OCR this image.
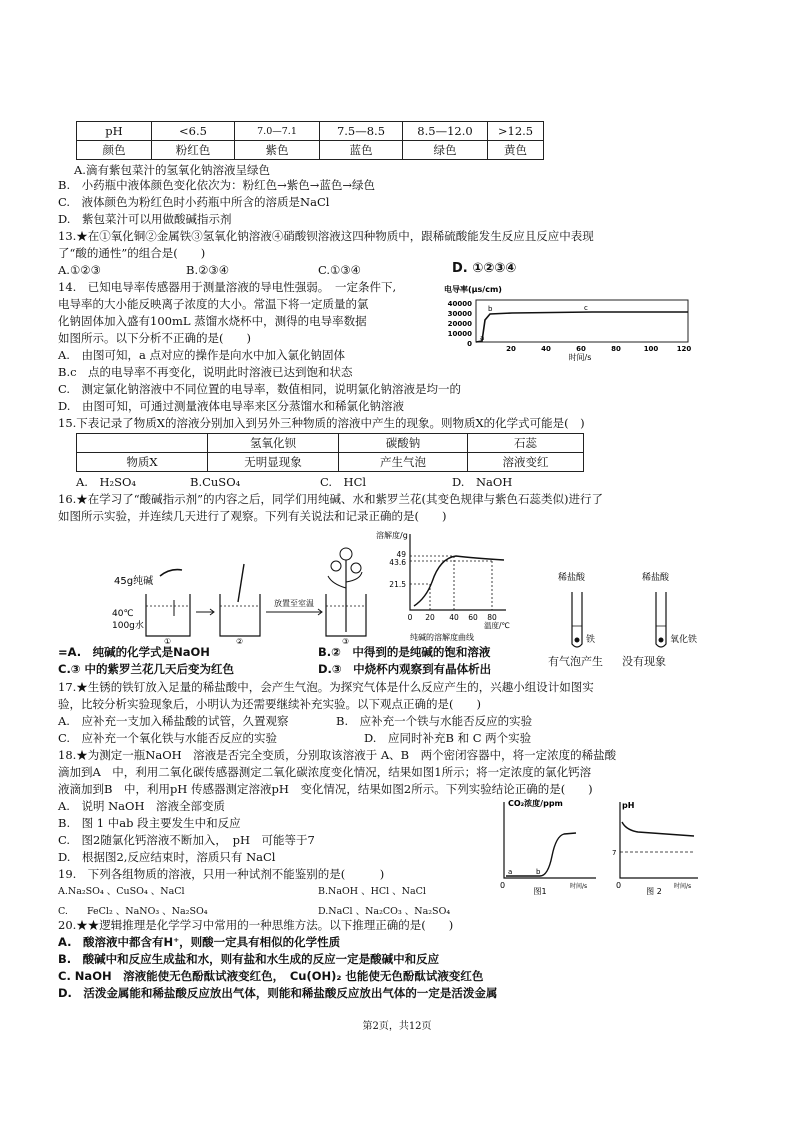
pH	<6.5	7.0—7.1	7.5—8.5	8.5—12.0	>12.5
颜色	粉红色	紫色	蓝色	绿色	黄色
A.滴有紫包菜汁的氢氧化钠溶液呈绿色
B.　小药瓶中液体颜色变化依次为：粉红色→紫色→蓝色→绿色
C.　液体颜色为粉红色时小药瓶中所含的溶质是NaCl
D.　紫包菜汁可以用做酸碱指示剂
13.★在①氧化铜②金属铁③氢氧化钠溶液④硝酸钡溶液这四种物质中，跟稀硫酸能发生反应且反应中表现
了“酸的通性”的组合是(　　)
A.①②③	B.②③④	C.①③④	D. ①②③④
14.　已知电导率传感器用于测量溶液的导电性强弱。　一定条件下,
电导率的大小能反映离子浓度的大小。常温下将一定质量的氯
化钠固体加入盛有100mL 蒸馏水烧杯中，测得的电导率数据
如图所示。以下分析不正确的是(　　)
A.　由图可知，a 点对应的操作是向水中加入氯化钠固体
B.c　点的电导率不再变化，说明此时溶液已达到饱和状态
C.　测定氯化钠溶液中不同位置的电导率，数值相同，说明氯化钠溶液是均一的
D.　由图可知，可通过测量液体电导率来区分蒸馏水和稀氯化钠溶液
电导率(μs/cm)
40000
30000
20000
10000
0
a
b	c
20	40	60	80	100	120
时间/s
15.下表记录了物质X的溶液分别加入到另外三种物质的溶液中产生的现象。则物质X的化学式可能是(　)
	氢氧化钡	碳酸钠	石蕊
物质X	无明显现象	产生气泡	溶液变红
A.　H₂SO₄	B.CuSO₄	C.　HCl	D.　NaOH
16.★在学习了“酸碱指示剂”的内容之后，同学们用纯碱、水和紫罗兰花(其变色规律与紫色石蕊类似)进行了
如图所示实验，并连续几天进行了观察。下列有关说法和记录正确的是(　　)
45g纯碱
40℃
100g水
①	②
放置至室温
③
溶解度/g
49
43.6
21.5
0 20 40 60 80
温度/℃
纯碱的溶解度曲线
稀盐酸	稀盐酸
铁	氧化铁
有气泡产生 没有现象
=A.　纯碱的化学式是NaOH	B.②　中得到的是纯碱的饱和溶液
C.③ 中的紫罗兰花几天后变为红色	D.③　中烧杯内观察到有晶体析出
17.★生锈的铁钉放入足量的稀盐酸中，会产生气泡。为探究气体是什么反应产生的，兴趣小组设计如图实
验，比较分析实验现象后，小明认为还需要继续补充实验。以下观点正确的是(　　)
A.　应补充一支加入稀盐酸的试管，久置观察	B.　应补充一个铁与水能否反应的实验
C.　应补充一个氧化铁与水能否反应的实验	D.　应同时补充B 和 C 两个实验
18.★为测定一瓶NaOH　溶液是否完全变质，分别取该溶液于 A、B　两个密闭容器中，将一定浓度的稀盐酸
滴加到A　中，利用二氧化碳传感器测定二氧化碳浓度变化情况，结果如图1所示；将一定浓度的氯化钙溶
液滴加到B　中，利用pH 传感器测定溶液pH　变化情况，结果如图2所示。下列实验结论正确的是(　　)
A.　说明 NaOH　溶液全部变质
B.　图 1 中ab 段主要发生中和反应
C.　图2随氯化钙溶液不断加入，　pH　可能等于7
D.　根据图2,反应结束时，溶质只有 NaCl
CO₂浓度/ppm
0
a	b
时间/s
图1
pH
0
7
时间/s
图 2
19.　下列各组物质的溶液，只用一种试剂不能鉴别的是(　　　)
A.Na₂SO₄ 、CuSO₄ 、NaCl	B.NaOH 、HCl 、NaCl
C.　　FeCl₂ 、NaNO₃ 、Na₂SO₄	D.NaCl 、Na₂CO₃ 、Na₂SO₄
20.★★逻辑推理是化学学习中常用的一种思维方法。以下推理正确的是(　　)
A.　酸溶液中都含有H⁺，则酸一定具有相似的化学性质
B.　酸碱中和反应生成盐和水，则有盐和水生成的反应一定是酸碱中和反应
C. NaOH　溶液能使无色酚酞试液变红色，　Cu(OH)₂ 也能使无色酚酞试液变红色
D.　活泼金属能和稀盐酸反应放出气体，则能和稀盐酸反应放出气体的一定是活泼金属
第2页，共12页
